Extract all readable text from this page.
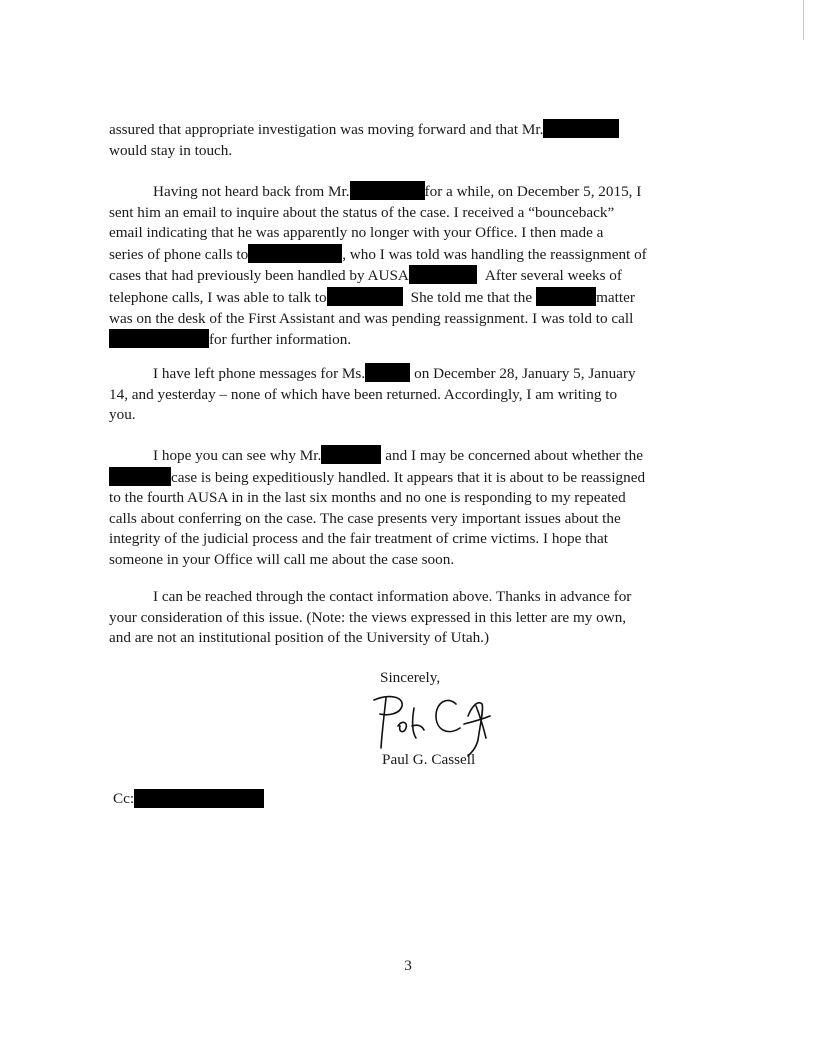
assured that appropriate investigation was moving forward and that Mr.
would stay in touch.
Having not heard back from Mr.	for a while, on December 5, 2015, I
sent him an email to inquire about the status of the case. I received a “bounceback”
email indicating that he was apparently no longer with your Office. I then made a
series of phone calls to	, who I was told was handling the reassignment of
cases that had previously been handled by AUSA	After several weeks of
telephone calls, I was able to talk to	She told me that the	matter
was on the desk of the First Assistant and was pending reassignment. I was told to call
for further information.
I have left phone messages for Ms.	on December 28, January 5, January
14, and yesterday – none of which have been returned. Accordingly, I am writing to
you.
I hope you can see why Mr.	and I may be concerned about whether the
case is being expeditiously handled. It appears that it is about to be reassigned
to the fourth AUSA in in the last six months and no one is responding to my repeated
calls about conferring on the case. The case presents very important issues about the
integrity of the judicial process and the fair treatment of crime victims. I hope that
someone in your Office will call me about the case soon.
I can be reached through the contact information above. Thanks in advance for
your consideration of this issue. (Note: the views expressed in this letter are my own,
and are not an institutional position of the University of Utah.)
Sincerely,
Paul G. Cassell
Cc:
3
